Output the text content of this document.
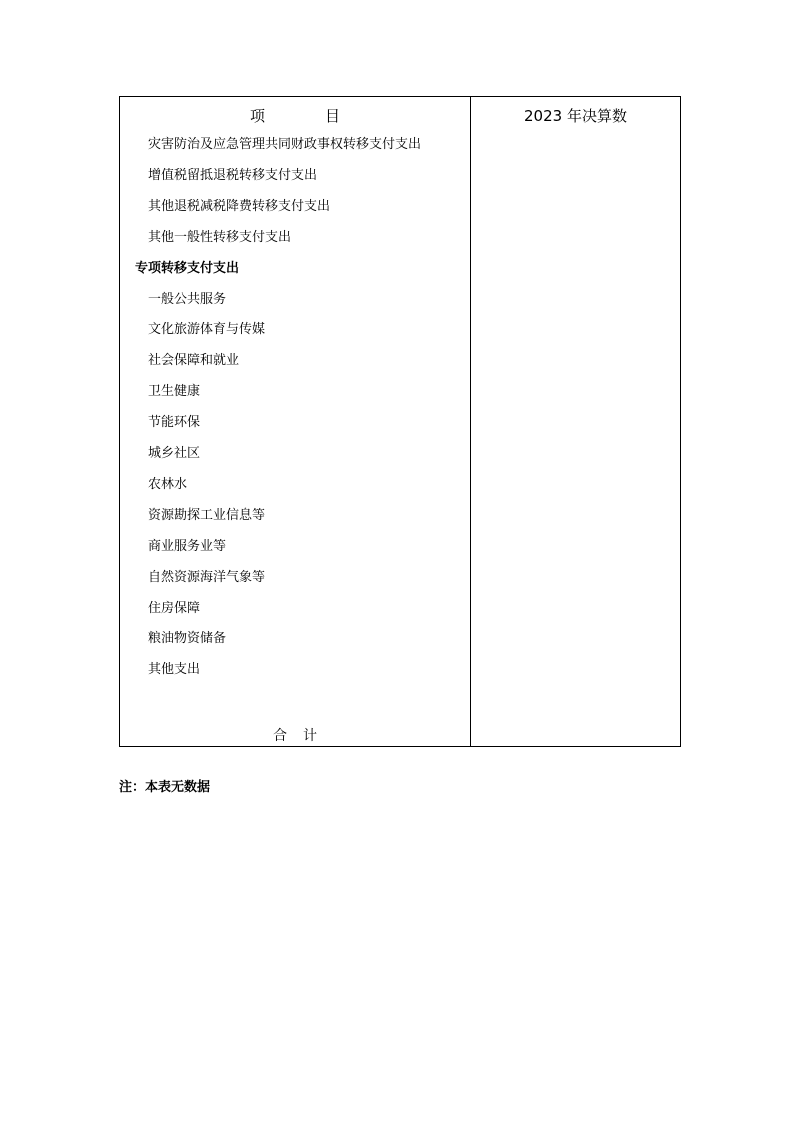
项	目	2023 年决算数
灾害防治及应急管理共同财政事权转移支付支出
增值税留抵退税转移支付支出
其他退税减税降费转移支付支出
其他一般性转移支付支出
专项转移支付支出
一般公共服务
文化旅游体育与传媒
社会保障和就业
卫生健康
节能环保
城乡社区
农林水
资源勘探工业信息等
商业服务业等
自然资源海洋气象等
住房保障
粮油物资储备
其他支出
合 计
注：本表无数据
